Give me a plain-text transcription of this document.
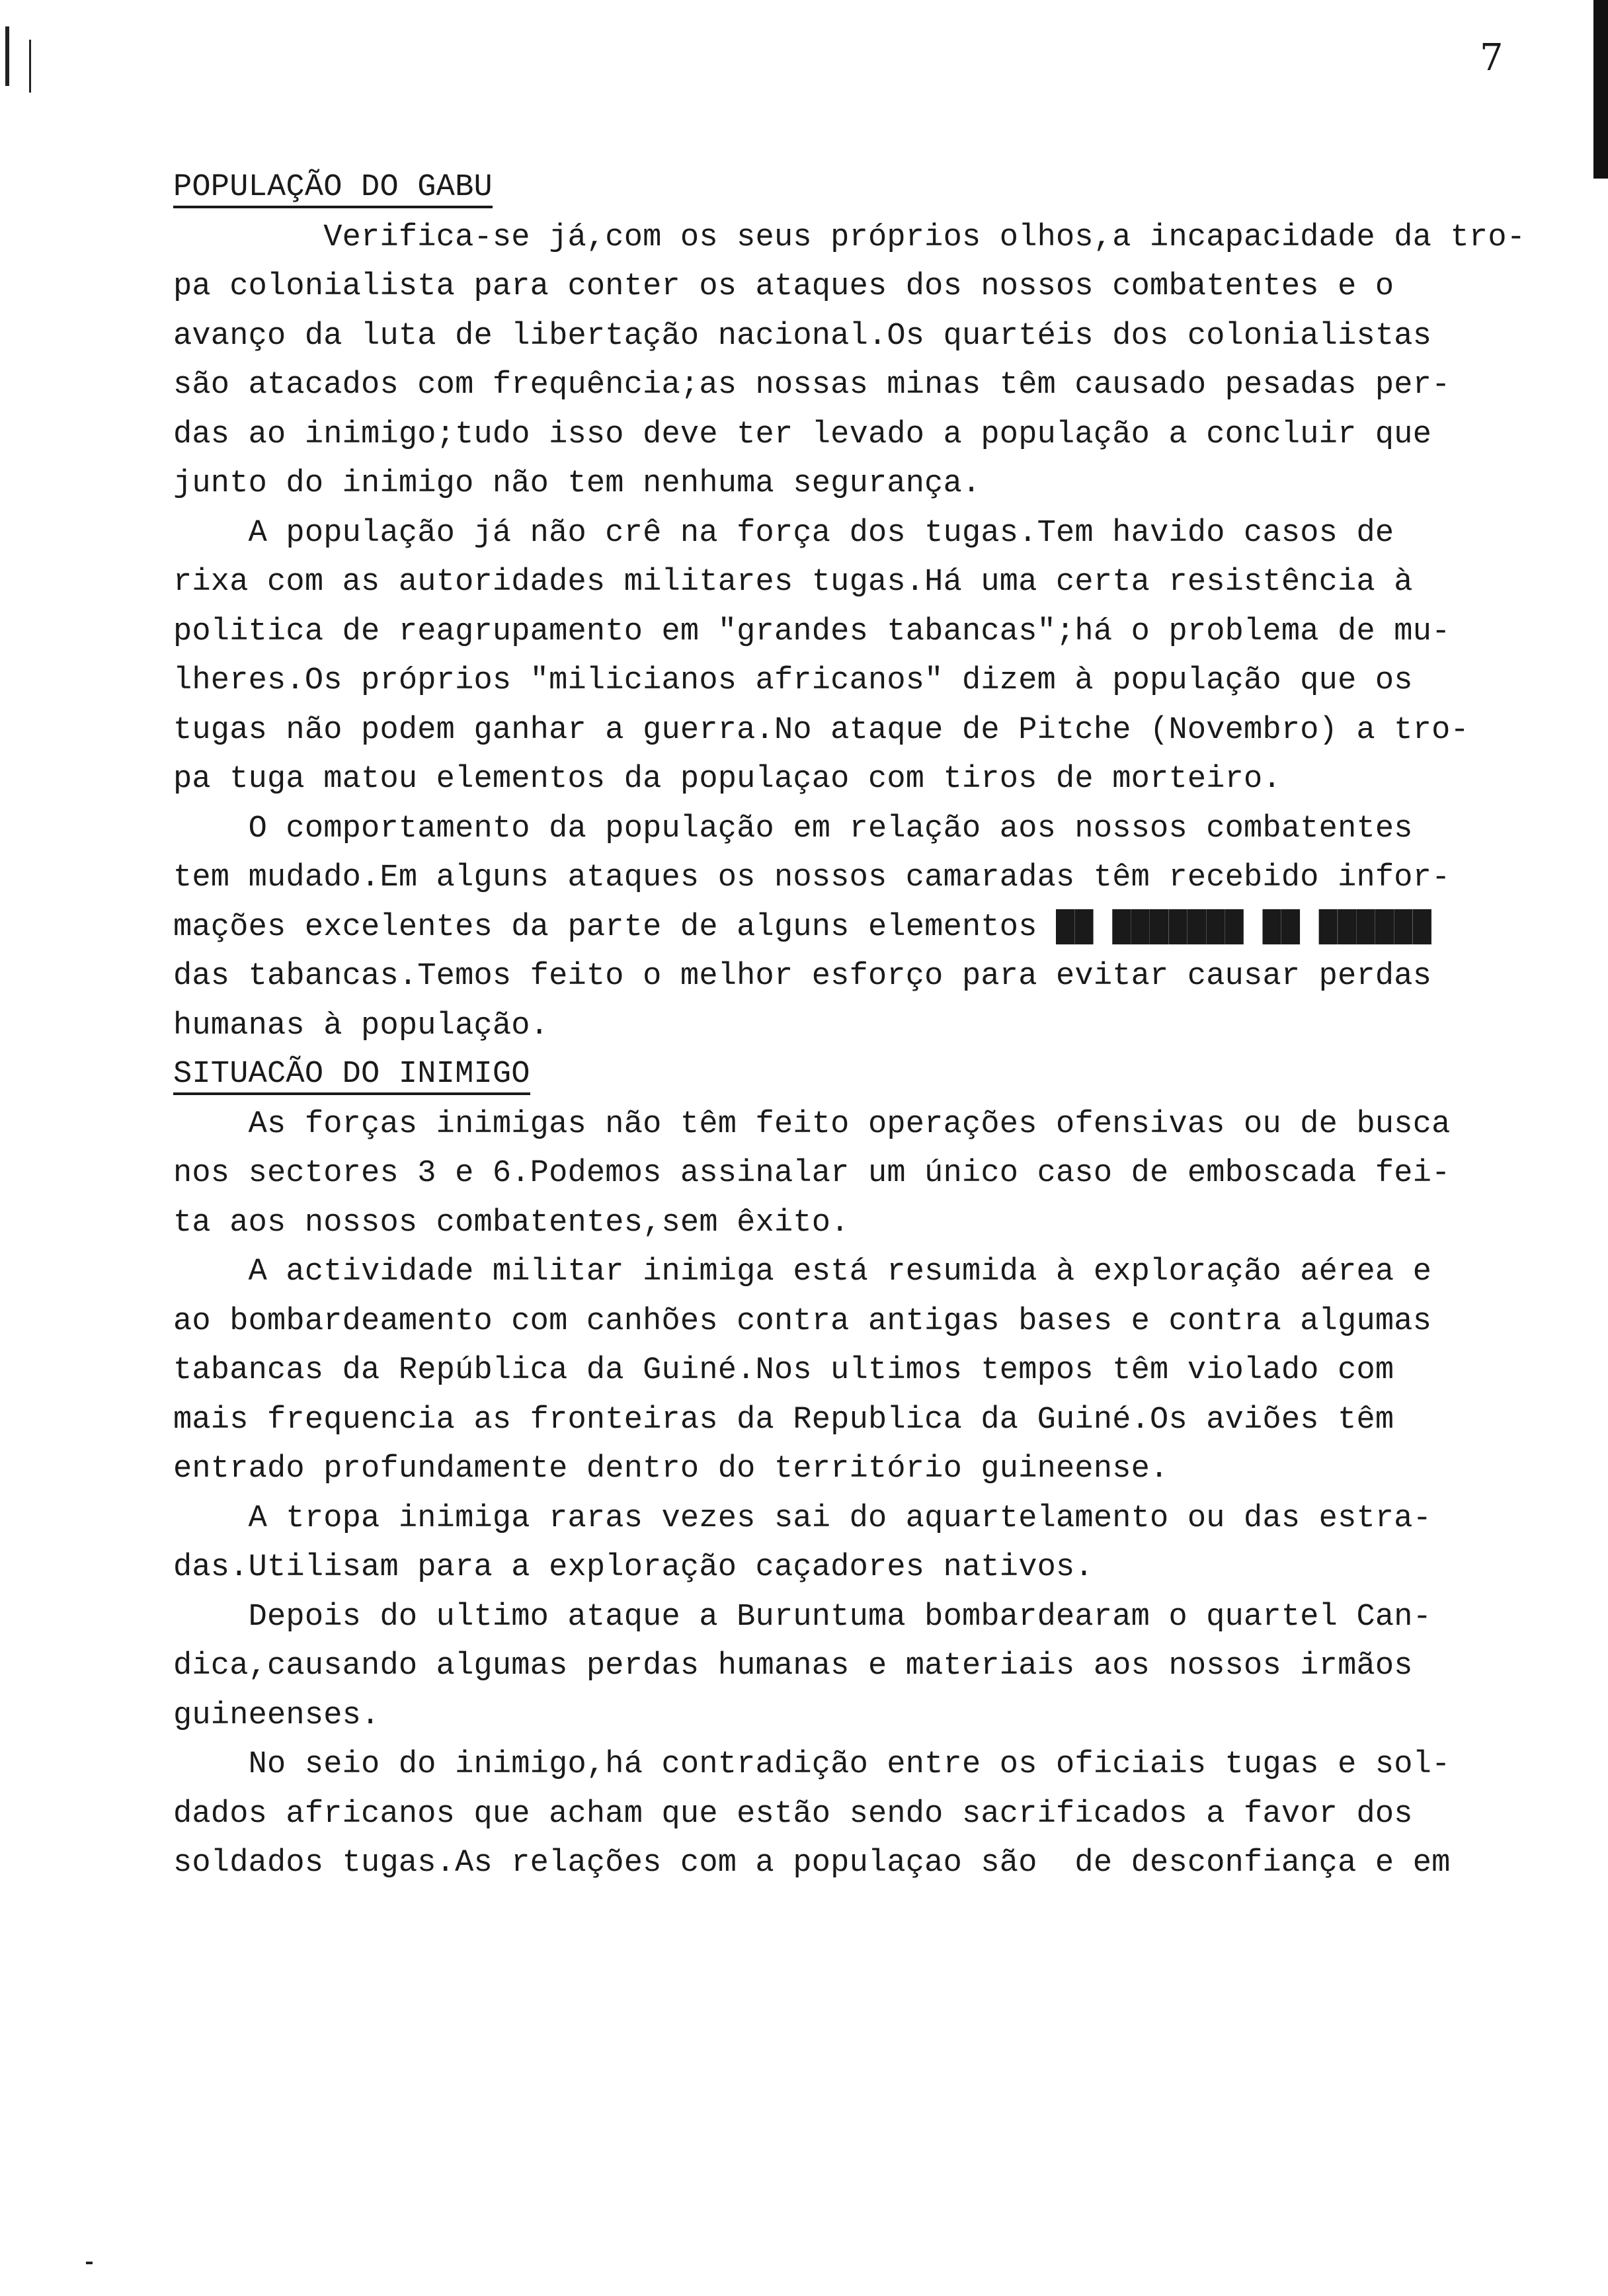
7
POPULAÇÃO DO GABU
Verifica-se já,com os seus próprios olhos,a incapacidade da tro-
pa colonialista para conter os ataques dos nossos combatentes e o
avanço da luta de libertação nacional.Os quartéis dos colonialistas
são atacados com frequência;as nossas minas têm causado pesadas per-
das ao inimigo;tudo isso deve ter levado a população a concluir que
junto do inimigo não tem nenhuma segurança.
A população já não crê na força dos tugas.Tem havido casos de
rixa com as autoridades militares tugas.Há uma certa resistência à
politica de reagrupamento em "grandes tabancas";há o problema de mu-
lheres.Os próprios "milicianos africanos" dizem à população que os
tugas não podem ganhar a guerra.No ataque de Pitche (Novembro) a tro-
pa tuga matou elementos da populaçao com tiros de morteiro.
O comportamento da população em relação aos nossos combatentes
tem mudado.Em alguns ataques os nossos camaradas têm recebido infor-
mações excelentes da parte de alguns elementos ██ ███████ ██ ██████
das tabancas.Temos feito o melhor esforço para evitar causar perdas
humanas à população.
SITUACÃO DO INIMIGO
As forças inimigas não têm feito operações ofensivas ou de busca
nos sectores 3 e 6.Podemos assinalar um único caso de emboscada fei-
ta aos nossos combatentes,sem êxito.
A actividade militar inimiga está resumida à exploração aérea e
ao bombardeamento com canhões contra antigas bases e contra algumas
tabancas da República da Guiné.Nos ultimos tempos têm violado com
mais frequencia as fronteiras da Republica da Guiné.Os aviões têm
entrado profundamente dentro do território guineense.
A tropa inimiga raras vezes sai do aquartelamento ou das estra-
das.Utilisam para a exploração caçadores nativos.
Depois do ultimo ataque a Buruntuma bombardearam o quartel Can-
dica,causando algumas perdas humanas e materiais aos nossos irmãos
guineenses.
No seio do inimigo,há contradição entre os oficiais tugas e sol-
dados africanos que acham que estão sendo sacrificados a favor dos
soldados tugas.As relações com a populaçao são  de desconfiança e em
